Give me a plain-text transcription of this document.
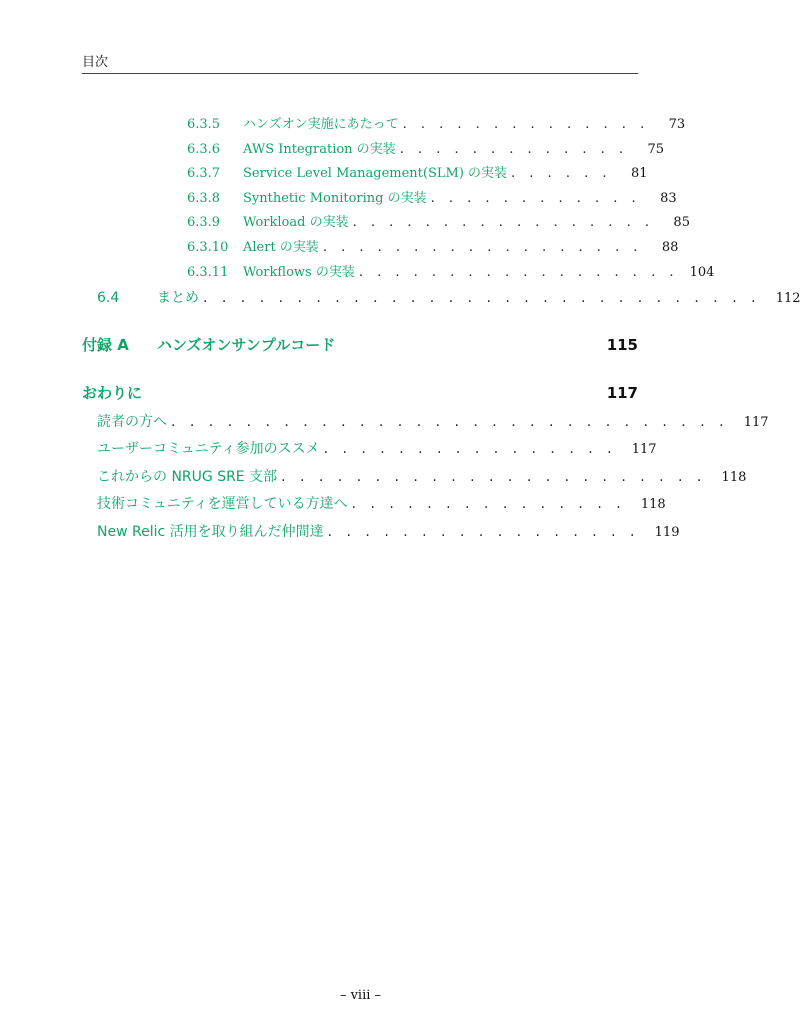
目次
6.3.5	ハンズオン実施にあたって . . . . . . . . . . . . . .	73
6.3.6	AWS Integration の実装 . . . . . . . . . . . . .	75
6.3.7	Service Level Management(SLM) の実装 . . . . . .	81
6.3.8	Synthetic Monitoring の実装 . . . . . . . . . . . .	83
6.3.9	Workload の実装 . . . . . . . . . . . . . . . . .	85
6.3.10	Alert の実装 . . . . . . . . . . . . . . . . . .	88
6.3.11	Workflows の実装 . . . . . . . . . . . . . . . . . . 104
6.4	まとめ . . . . . . . . . . . . . . . . . . . . . . . . . . . . . .	112
付録 A	ハンズオンサンプルコード	115
おわりに	117
読者の方へ . . . . . . . . . . . . . . . . . . . . . . . . . . . . . .	117
ユーザーコミュニティ参加のススメ . . . . . . . . . . . . . . . .	117
これからの NRUG SRE 支部 . . . . . . . . . . . . . . . . . . . . . . .	118
技術コミュニティを運営している方達へ . . . . . . . . . . . . . . .	118
New Relic 活用を取り組んだ仲間達 . . . . . . . . . . . . . . . . .	119
– viii –
